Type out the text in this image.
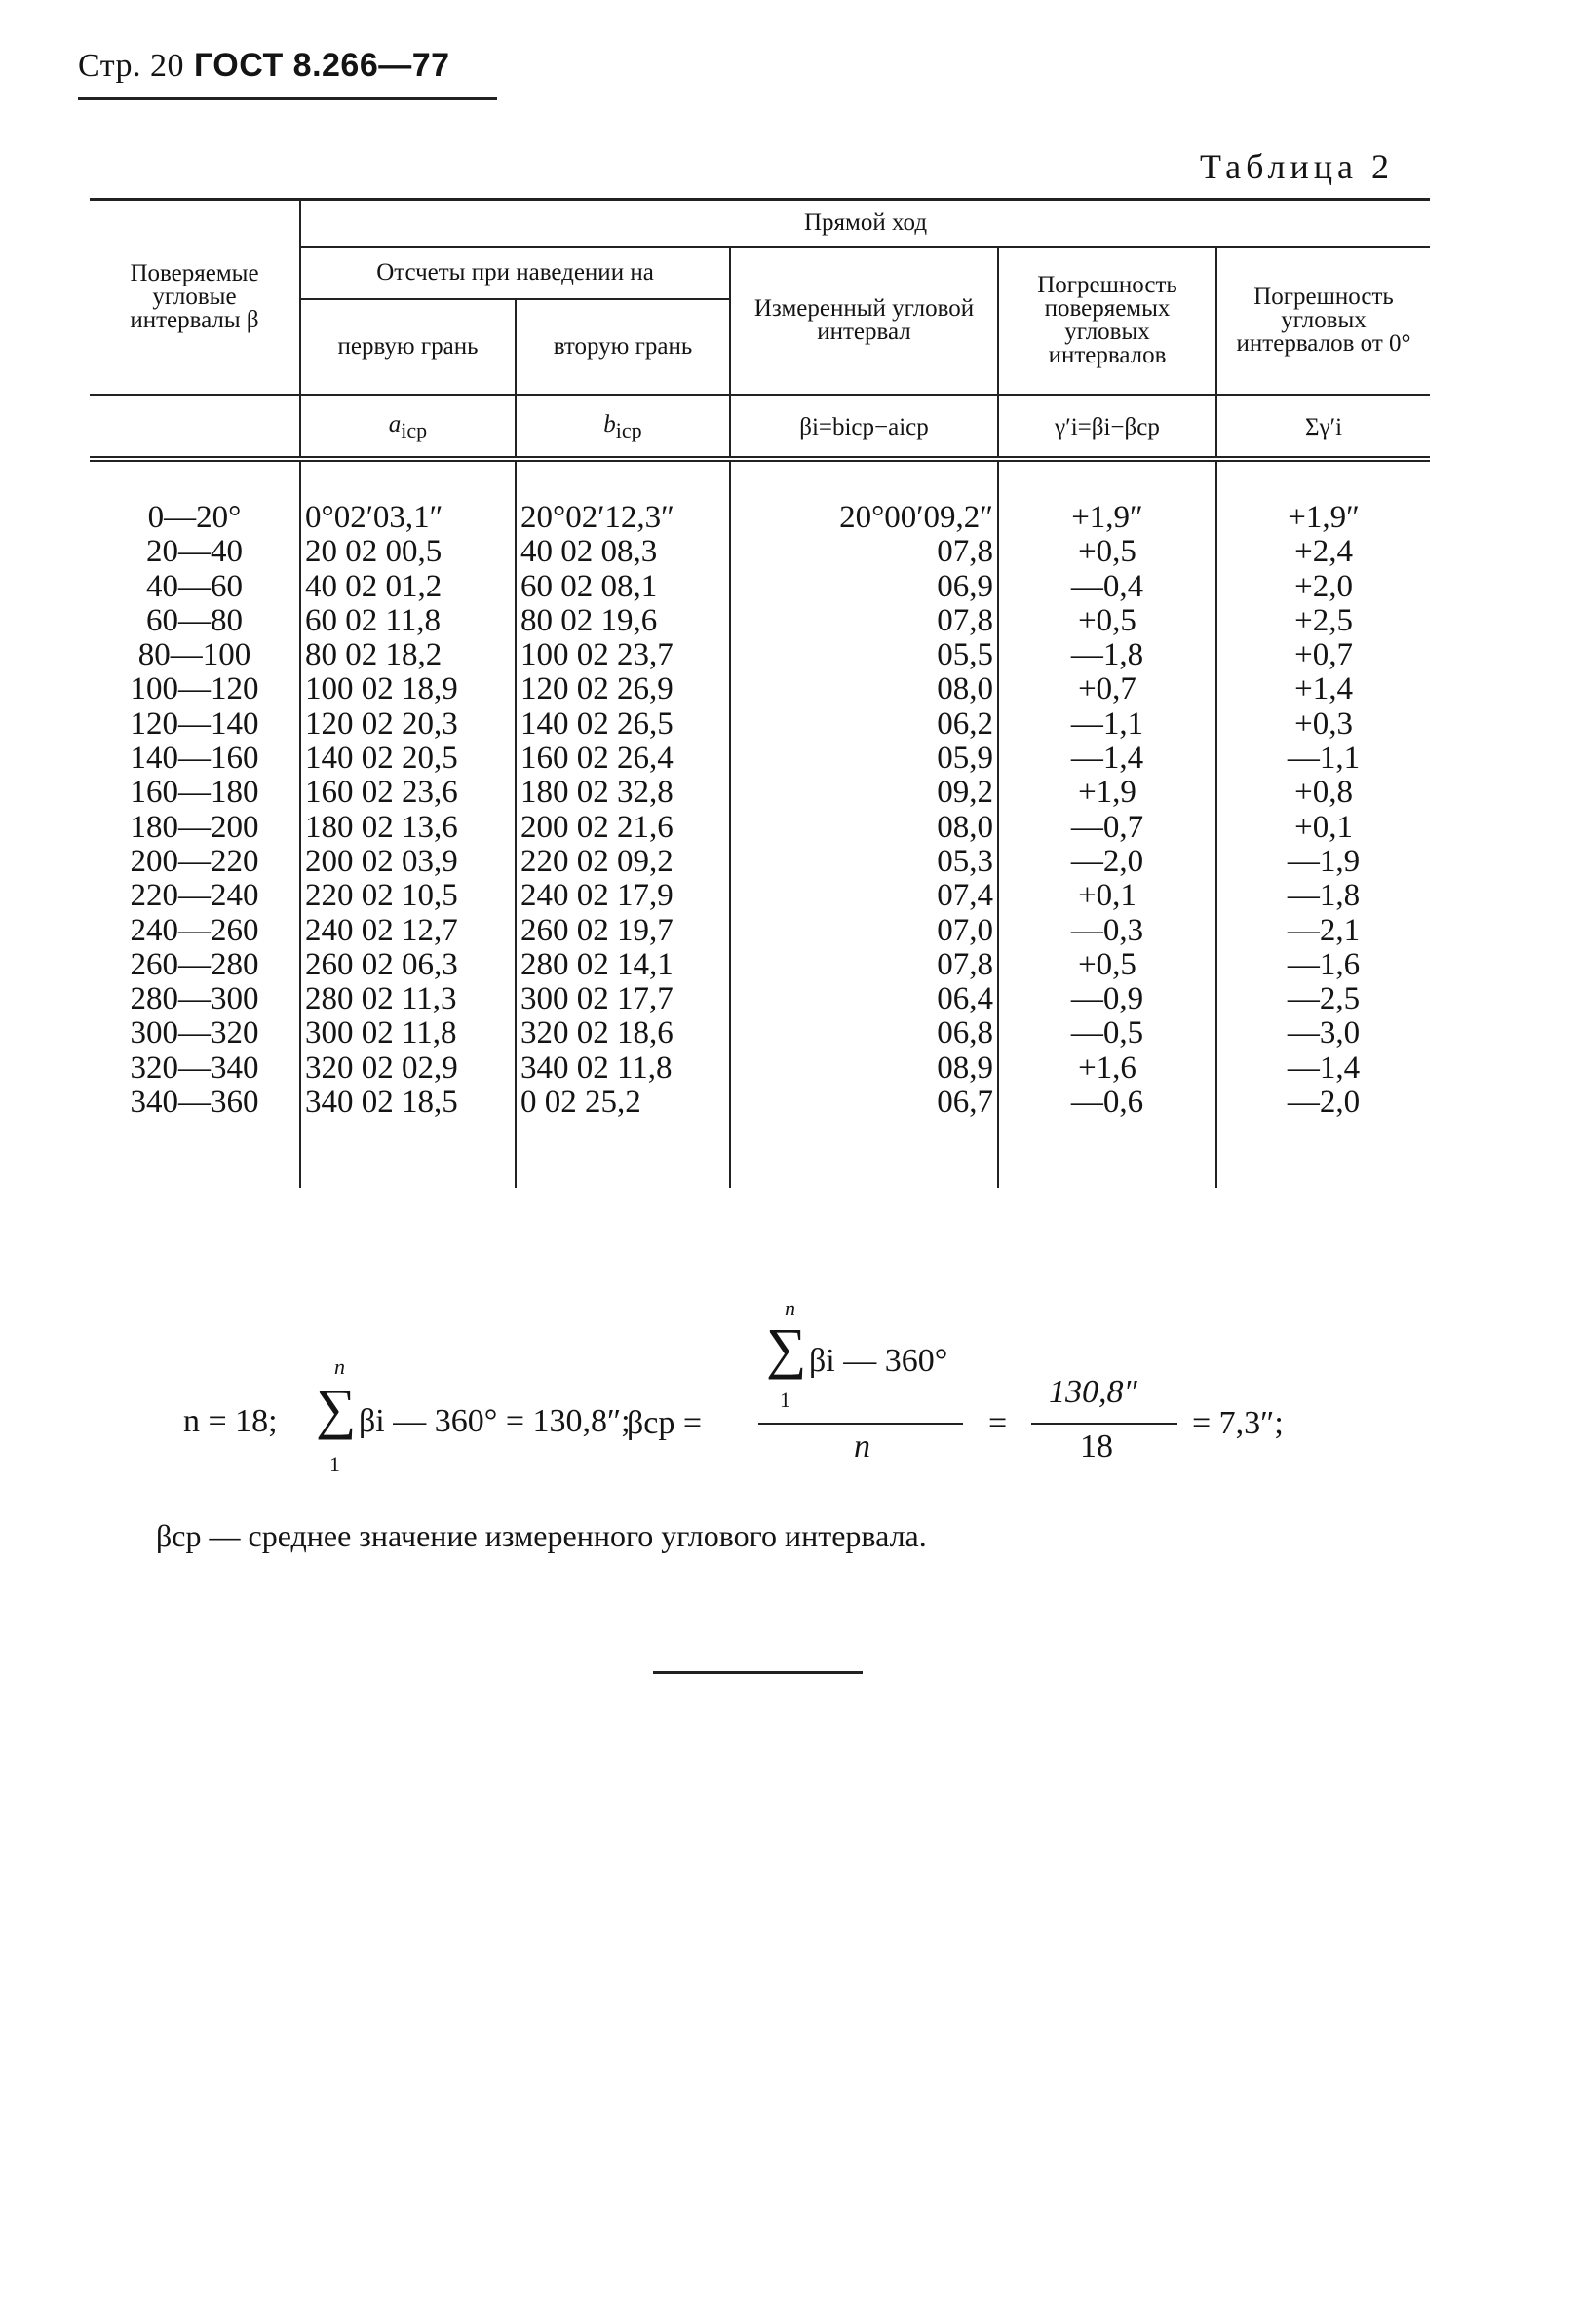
Стр. 20 ГОСТ 8.266—77
Таблица 2
Поверяемые угловые интервалы β	Прямой ход				
	Отсчеты при наведении на		Измеренный угловой интервал	Погрешность поверяемых угловых интервалов	Погрешность угловых интервалов от 0°
	первую грань	вторую грань			
	$a_{icp}$	$b_{icp}$	βi=bicp−aicp	γ′i=βi−βcp	Σγ′i
0—20°	0°02′03,1″	20°02′12,3″	20°00′09,2″	+1,9″	+1,9″
20—40	20 02 00,5	40 02 08,3	07,8	+0,5	+2,4
40—60	40 02 01,2	60 02 08,1	06,9	—0,4	+2,0
60—80	60 02 11,8	80 02 19,6	07,8	+0,5	+2,5
80—100	80 02 18,2	100 02 23,7	05,5	—1,8	+0,7
100—120	100 02 18,9	120 02 26,9	08,0	+0,7	+1,4
120—140	120 02 20,3	140 02 26,5	06,2	—1,1	+0,3
140—160	140 02 20,5	160 02 26,4	05,9	—1,4	—1,1
160—180	160 02 23,6	180 02 32,8	09,2	+1,9	+0,8
180—200	180 02 13,6	200 02 21,6	08,0	—0,7	+0,1
200—220	200 02 03,9	220 02 09,2	05,3	—2,0	—1,9
220—240	220 02 10,5	240 02 17,9	07,4	+0,1	—1,8
240—260	240 02 12,7	260 02 19,7	07,0	—0,3	—2,1
260—280	260 02 06,3	280 02 14,1	07,8	+0,5	—1,6
280—300	280 02 11,3	300 02 17,7	06,4	—0,9	—2,5
300—320	300 02 11,8	320 02 18,6	06,8	—0,5	—3,0
320—340	320 02 02,9	340 02 11,8	08,9	+1,6	—1,4
340—360	340 02 18,5	0 02 25,2	06,7	—0,6	—2,0

n = 18;
n
∑
1
βi — 360° = 130,8″;
βcp =
n
∑
1
βi — 360°
n
=
130,8″
18
= 7,3″;
βср — среднее значение измеренного углового интервала.
